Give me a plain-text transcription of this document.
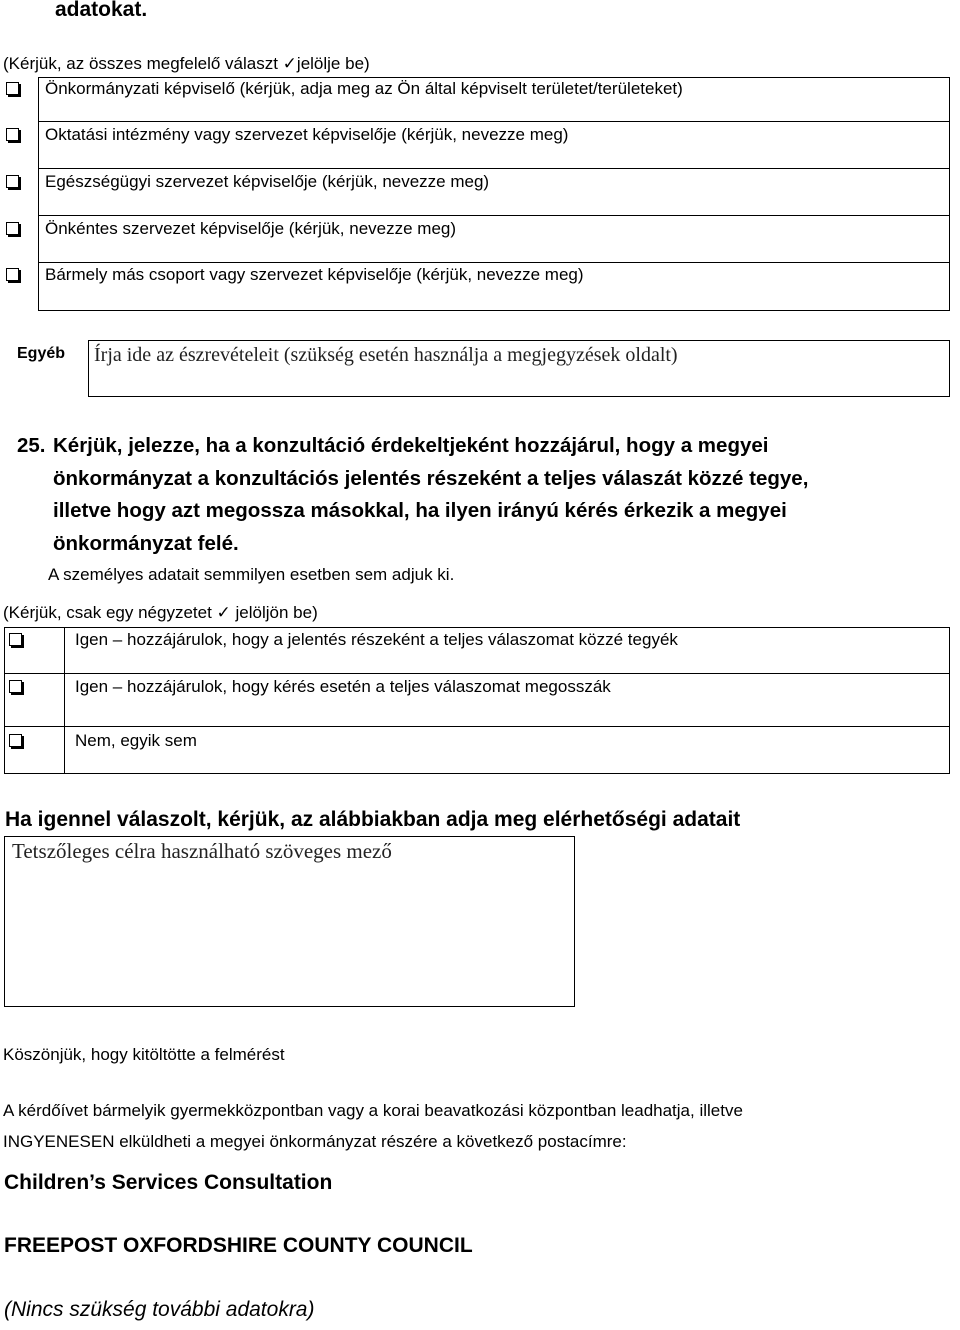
adatokat.
(Kérjük, az összes megfelelő választ ✓jelölje be)
Önkormányzati képviselő (kérjük, adja meg az Ön által képviselt területet/területeket)
Oktatási intézmény vagy szervezet képviselője (kérjük, nevezze meg)
Egészségügyi szervezet képviselője (kérjük, nevezze meg)
Önkéntes szervezet képviselője (kérjük, nevezze meg)
Bármely más csoport vagy szervezet képviselője (kérjük, nevezze meg)
Egyéb Írja ide az észrevételeit (szükség esetén használja a megjegyzések oldalt)
25. Kérjük, jelezze, ha a konzultáció érdekeltjeként hozzájárul, hogy a megyei
önkormányzat a konzultációs jelentés részeként a teljes válaszát közzé tegye,
illetve hogy azt megossza másokkal, ha ilyen irányú kérés érkezik a megyei
önkormányzat felé.
A személyes adatait semmilyen esetben sem adjuk ki.
(Kérjük, csak egy négyzetet ✓ jelöljön be)
Igen – hozzájárulok, hogy a jelentés részeként a teljes válaszomat közzé tegyék
Igen – hozzájárulok, hogy kérés esetén a teljes válaszomat megosszák
Nem, egyik sem
Ha igennel válaszolt, kérjük, az alábbiakban adja meg elérhetőségi adatait
Tetszőleges célra használható szöveges mező
Köszönjük, hogy kitöltötte a felmérést
A kérdőívet bármelyik gyermekközpontban vagy a korai beavatkozási központban leadhatja, illetve
INGYENESEN elküldheti a megyei önkormányzat részére a következő postacímre:
Children’s Services Consultation
FREEPOST OXFORDSHIRE COUNTY COUNCIL
(Nincs szükség további adatokra)
